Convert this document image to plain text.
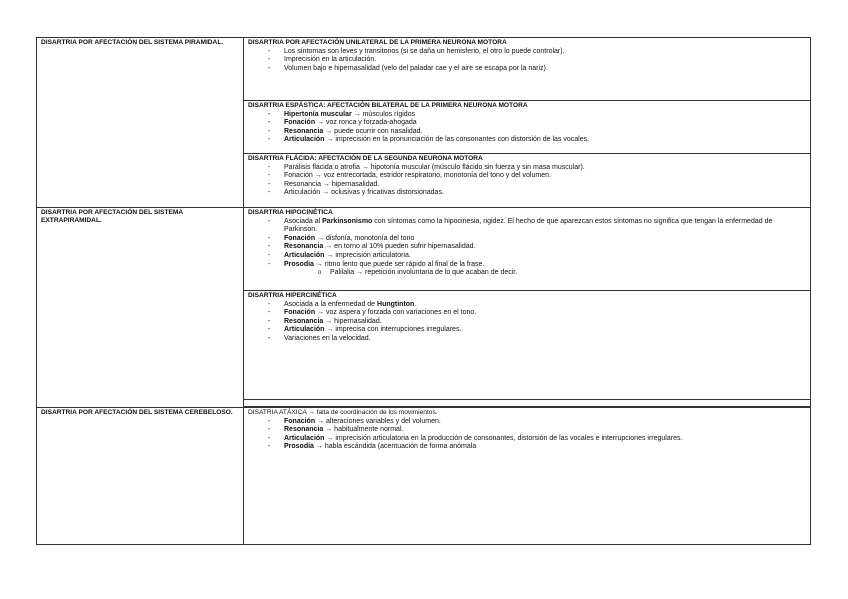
DISARTRIA POR AFECTACIÓN DEL SISTEMA PIRAMIDAL.	DISARTRIA POR AFECTACIÓN UNILATERAL DE LA PRIMERA NEURONA MOTORA
- Los síntomas son leves y transitorios (si se daña un hemisferio, el otro lo puede controlar).
- Imprecisión en la articulación.
- Volumen bajo e hipernasalidad (velo del paladar cae y el aire se escapa por la nariz).
DISARTRIA ESPÁSTICA: AFECTACIÓN BILATERAL DE LA PRIMERA NEURONA MOTORA
- Hipertonía muscular → músculos rígidos
- Fonación → voz ronca y forzada-ahogada
- Resonancia → puede ocurrir con nasalidad.
- Articulación → imprecisión en la pronunciación de las consonantes con distorsión de las vocales.
DISARTRIA FLÁCIDA: AFECTACIÓN DE LA SEGUNDA NEURONA MOTORA
- Parálisis flácida o atrofia → hipotonía muscular (músculo flácido sin fuerza y sin masa muscular).
- Fonación → voz entrecortada, estridor respiratorio, monotonía del tono y del volumen.
- Resonancia → hipernasalidad.
- Articulación → oclusivas y fricativas distorsionadas.
DISARTRIA POR AFECTACIÓN DEL SISTEMA EXTRAPIRAMIDAL.
DISARTRIA HIPOCINÉTICA
- Asociada al Parkinsonismo con síntomas como la hipocinesia, rigidez. El hecho de que aparezcan estos síntomas no significa que tengan la enfermedad de Parkinson.
- Fonación → disfonía, monotonía del tono
- Resonancia → en torno al 10% pueden sufrir hipernasalidad.
- Articulación → imprecisión articulatoria.
- Prosodia → ritmo lento que puede ser rápido al final de la frase.
o Palilalia → repetición involuntaria de lo que acaban de decir.
DISARTRIA HIPERCINÉTICA
- Asociada a la enfermedad de Hungtinton.
- Fonación → voz áspera y forzada con variaciones en el tono.
- Resonancia → hipernasalidad.
- Articulación → imprecisa con interrupciones irregulares.
- Variaciones en la velocidad.
DISARTRIA POR AFECTACIÓN DEL SISTEMA CEREBELOSO.	DISATRIA ATÁXICA → falta de coordinación de los movimientos.
- Fonación → alteraciones variables y del volumen.
- Resonancia → habitualmente normal.
- Articulación → imprecisión articulatoria en la producción de consonantes, distorsión de las vocales e interrupciones irregulares.
- Prosodia → habla escándida (acentuación de forma anómala
